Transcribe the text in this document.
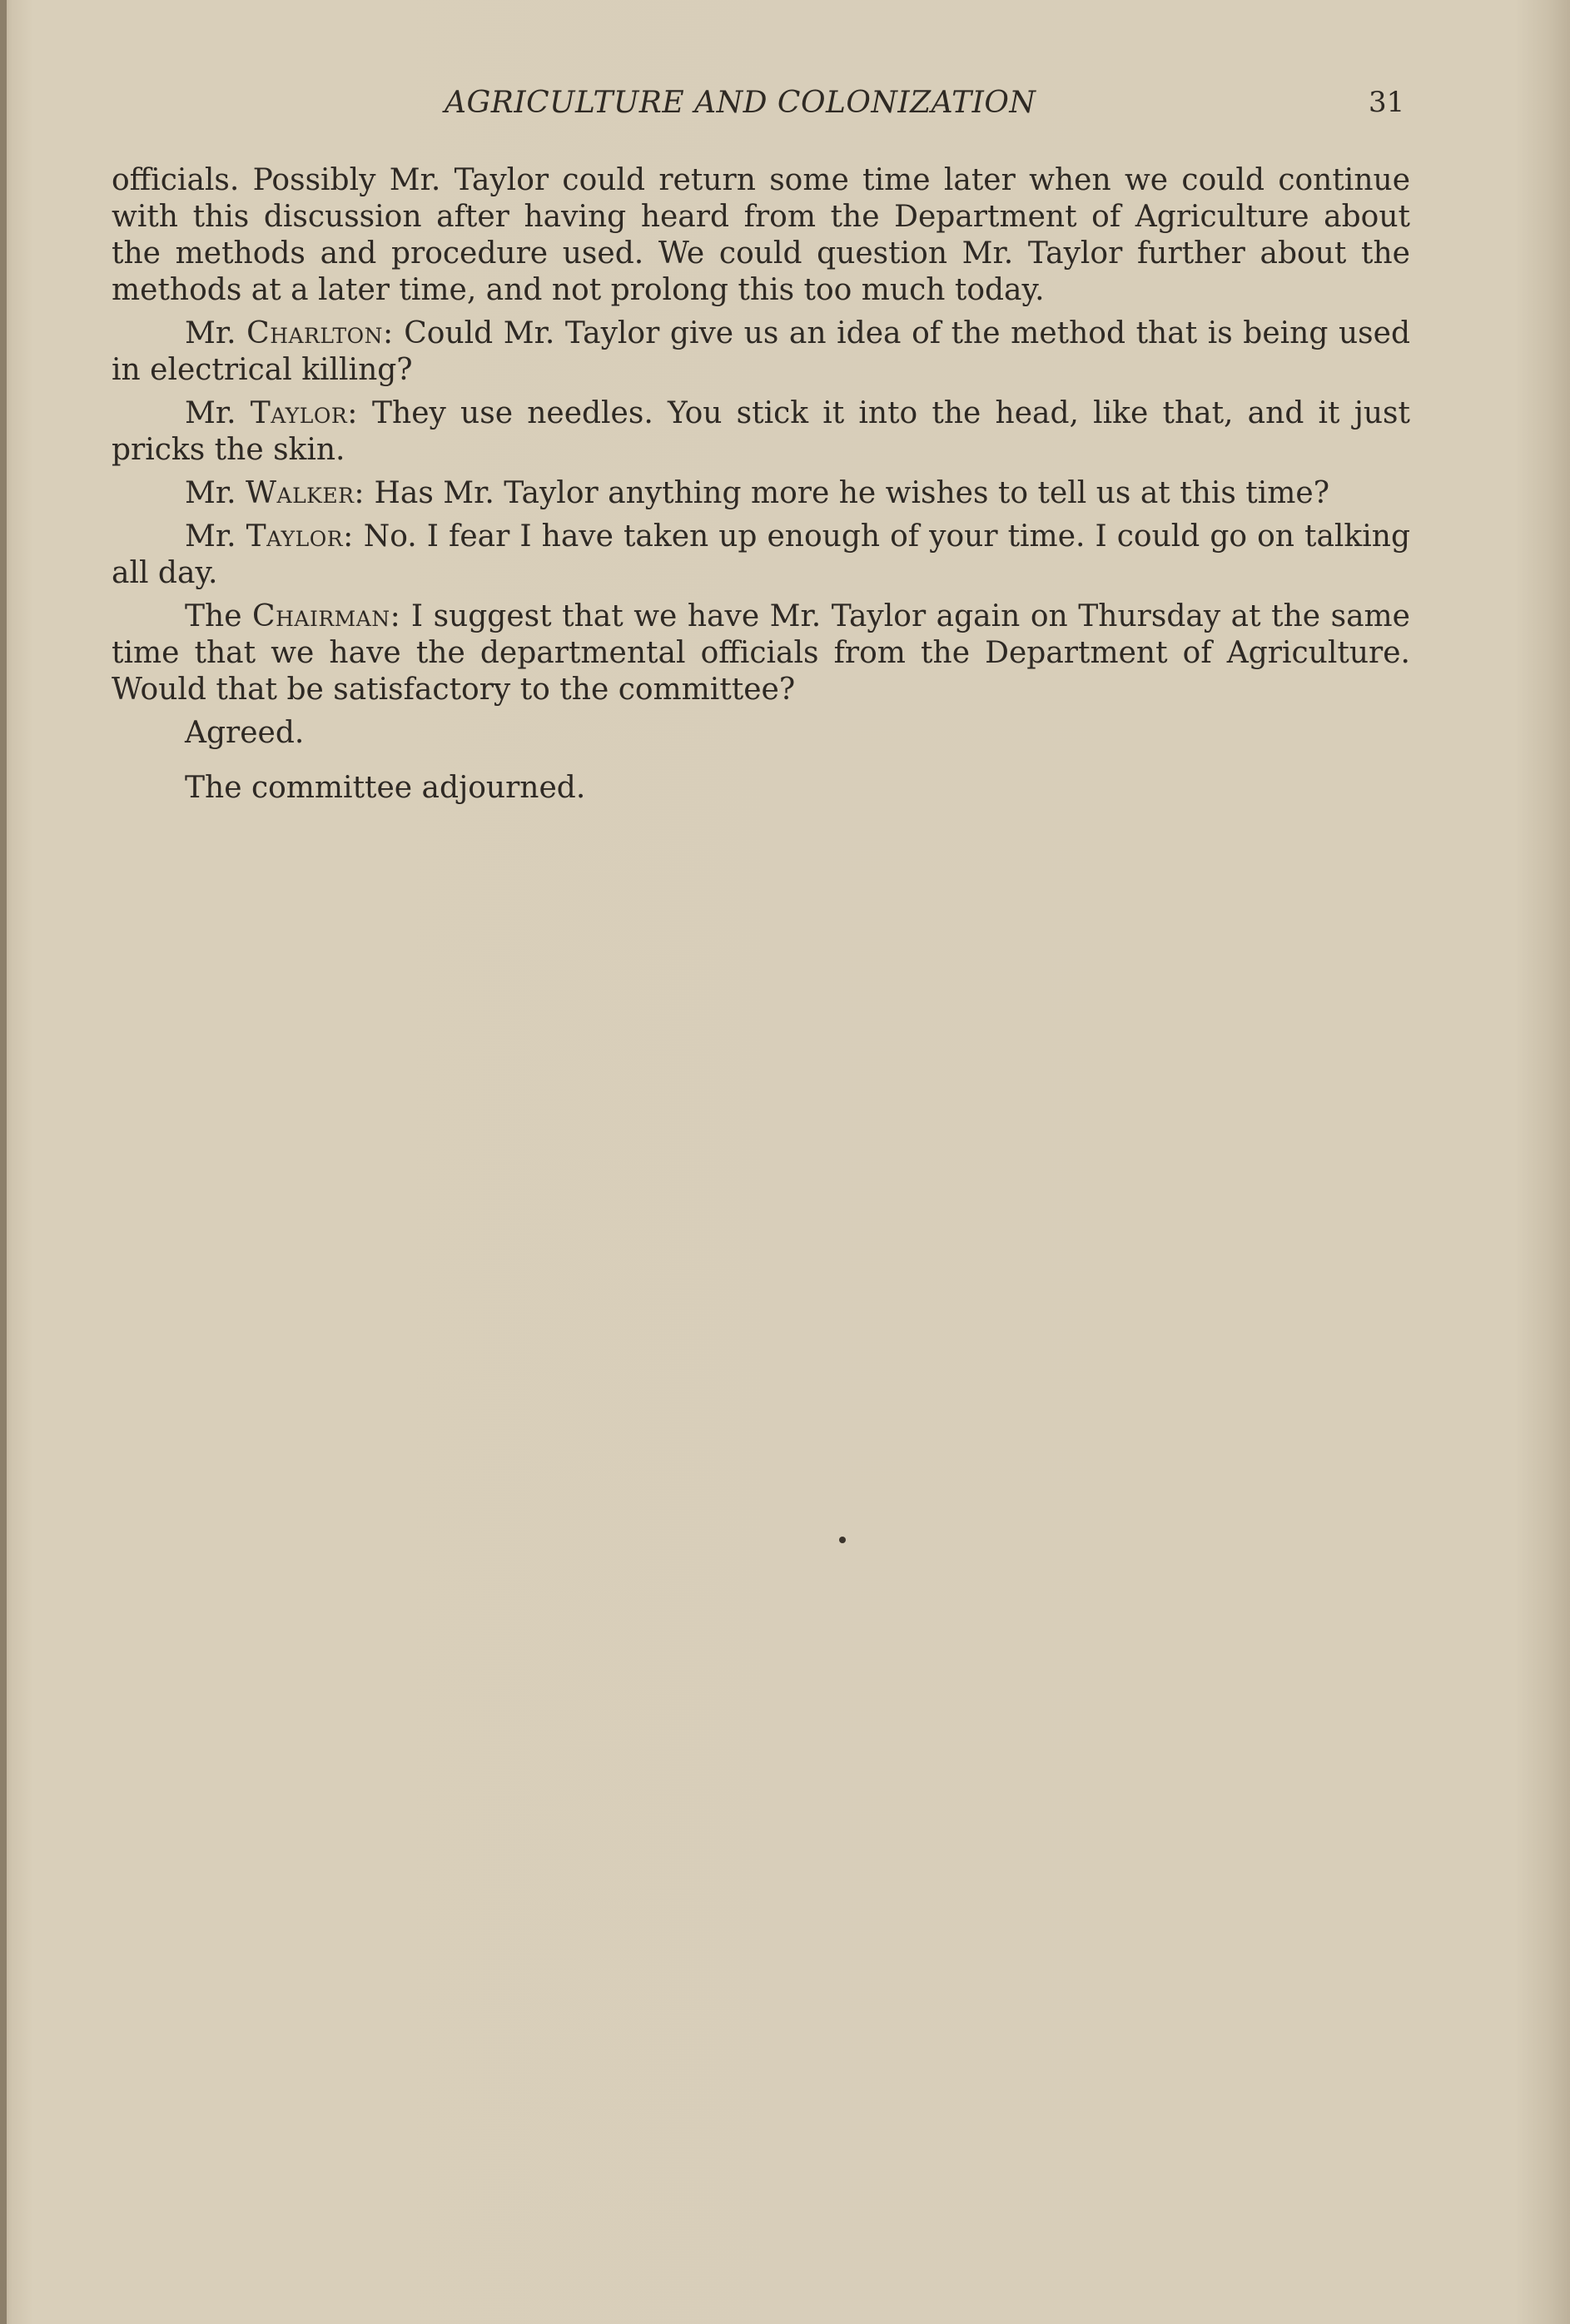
AGRICULTURE AND COLONIZATION	31

officials. Possibly Mr. Taylor could return some time later when we could continue with this discussion after having heard from the Department of Agriculture about the methods and procedure used. We could question Mr. Taylor further about the methods at a later time, and not prolong this too much today.

Mr. Charlton: Could Mr. Taylor give us an idea of the method that is being used in electrical killing?

Mr. Taylor: They use needles. You stick it into the head, like that, and it just pricks the skin.

Mr. Walker: Has Mr. Taylor anything more he wishes to tell us at this time?

Mr. Taylor: No. I fear I have taken up enough of your time. I could go on talking all day.

The Chairman: I suggest that we have Mr. Taylor again on Thursday at the same time that we have the departmental officials from the Department of Agriculture. Would that be satisfactory to the committee?

Agreed.

The committee adjourned.
